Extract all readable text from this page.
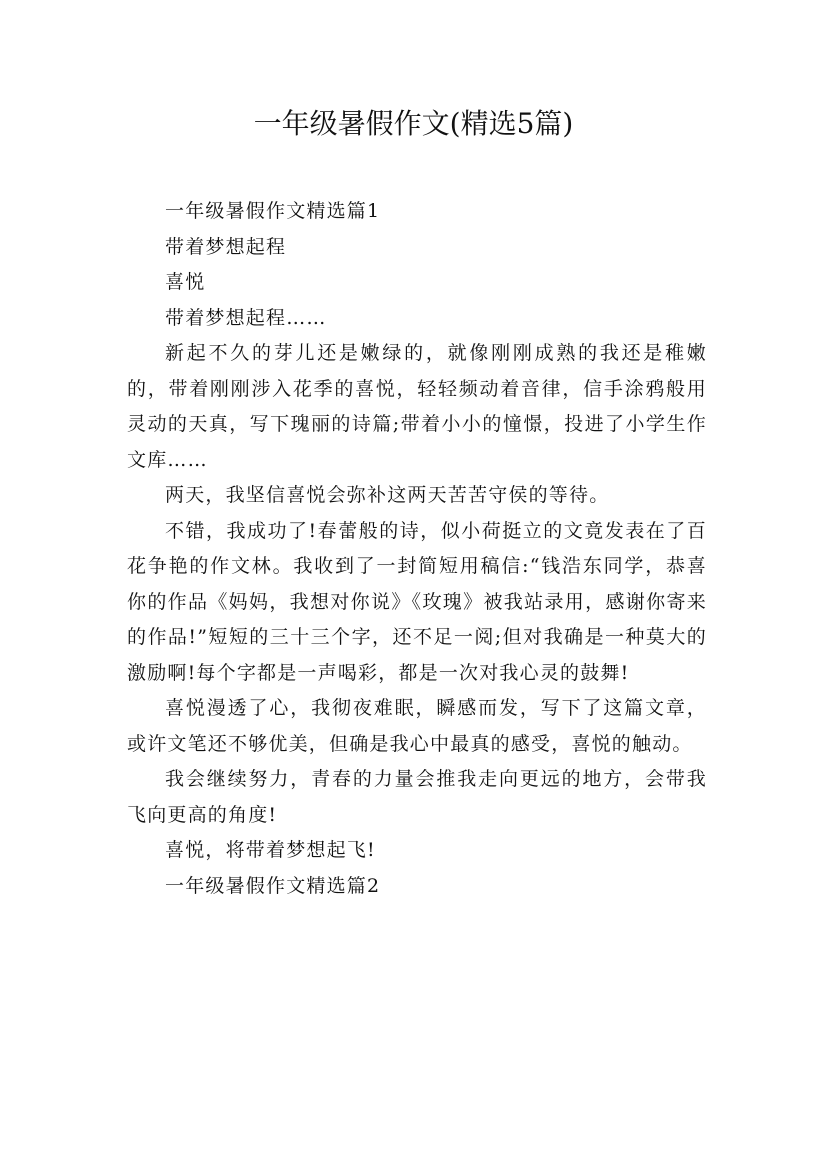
一年级暑假作文(精选5篇)

一年级暑假作文精选篇1

带着梦想起程

喜悦

带着梦想起程……

新起不久的芽儿还是嫩绿的，就像刚刚成熟的我还是稚嫩的，带着刚刚涉入花季的喜悦，轻轻频动着音律，信手涂鸦般用灵动的天真，写下瑰丽的诗篇;带着小小的憧憬，投进了小学生作文库……

两天，我坚信喜悦会弥补这两天苦苦守侯的等待。

不错，我成功了!春蕾般的诗，似小荷挺立的文竟发表在了百花争艳的作文林。我收到了一封简短用稿信:“钱浩东同学，恭喜你的作品《妈妈，我想对你说》《玫瑰》被我站录用，感谢你寄来的作品!”短短的三十三个字，还不足一阅;但对我确是一种莫大的激励啊!每个字都是一声喝彩，都是一次对我心灵的鼓舞!

喜悦漫透了心，我彻夜难眠，瞬感而发，写下了这篇文章，或许文笔还不够优美，但确是我心中最真的感受，喜悦的触动。

我会继续努力，青春的力量会推我走向更远的地方，会带我飞向更高的角度!

喜悦，将带着梦想起飞!

一年级暑假作文精选篇2
